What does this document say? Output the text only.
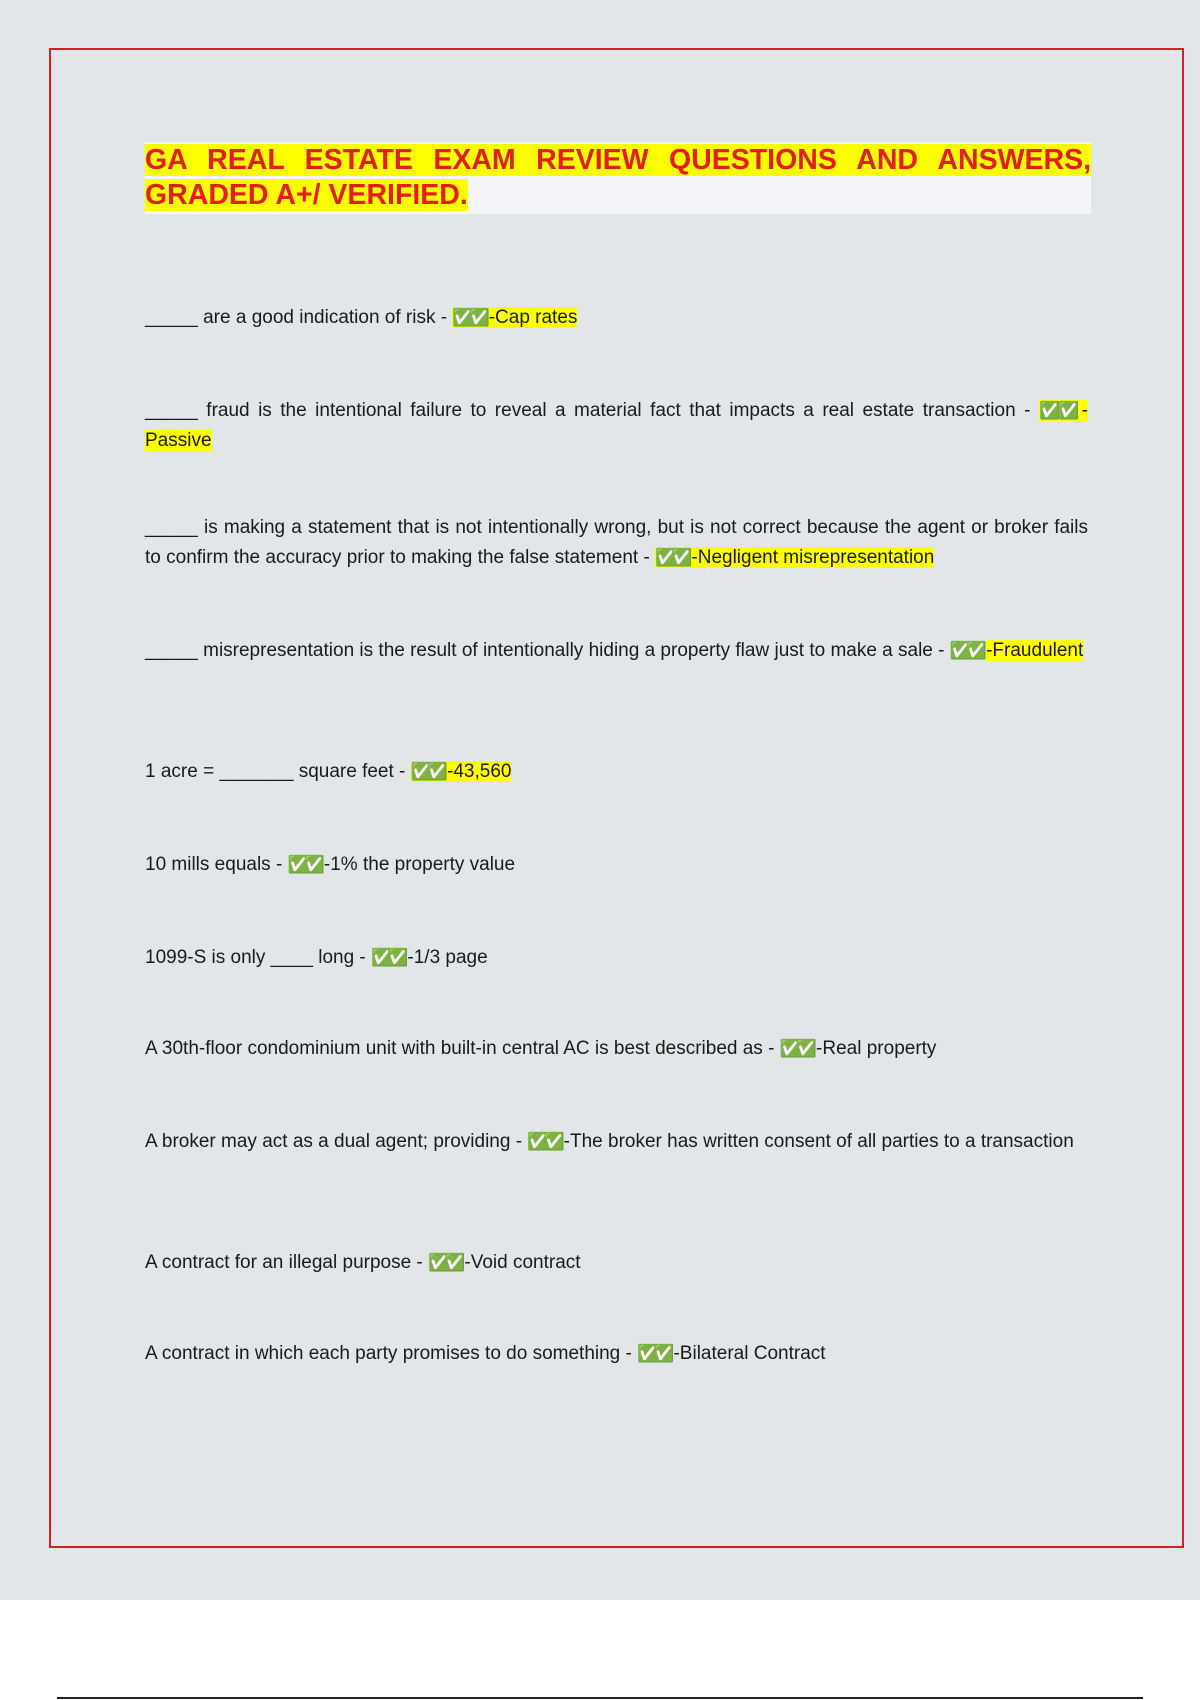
GA REAL ESTATE EXAM REVIEW QUESTIONS AND ANSWERS, GRADED A+/ VERIFIED.

_____ are a good indication of risk - ✅✅ -Cap rates

_____ fraud is the intentional failure to reveal a material fact that impacts a real estate transaction - ✅✅ -Passive

_____ is making a statement that is not intentionally wrong, but is not correct because the agent or broker fails to confirm the accuracy prior to making the false statement - ✅✅ -Negligent misrepresentation

_____ misrepresentation is the result of intentionally hiding a property flaw just to make a sale - ✅✅ -Fraudulent

1 acre = _______ square feet - ✅✅ -43,560

10 mills equals - ✅✅ -1% the property value

1099-S is only ____ long - ✅✅ -1/3 page

A 30th-floor condominium unit with built-in central AC is best described as - ✅✅ -Real property

A broker may act as a dual agent; providing - ✅✅ -The broker has written consent of all parties to a transaction

A contract for an illegal purpose - ✅✅ -Void contract

A contract in which each party promises to do something - ✅✅ -Bilateral Contract
